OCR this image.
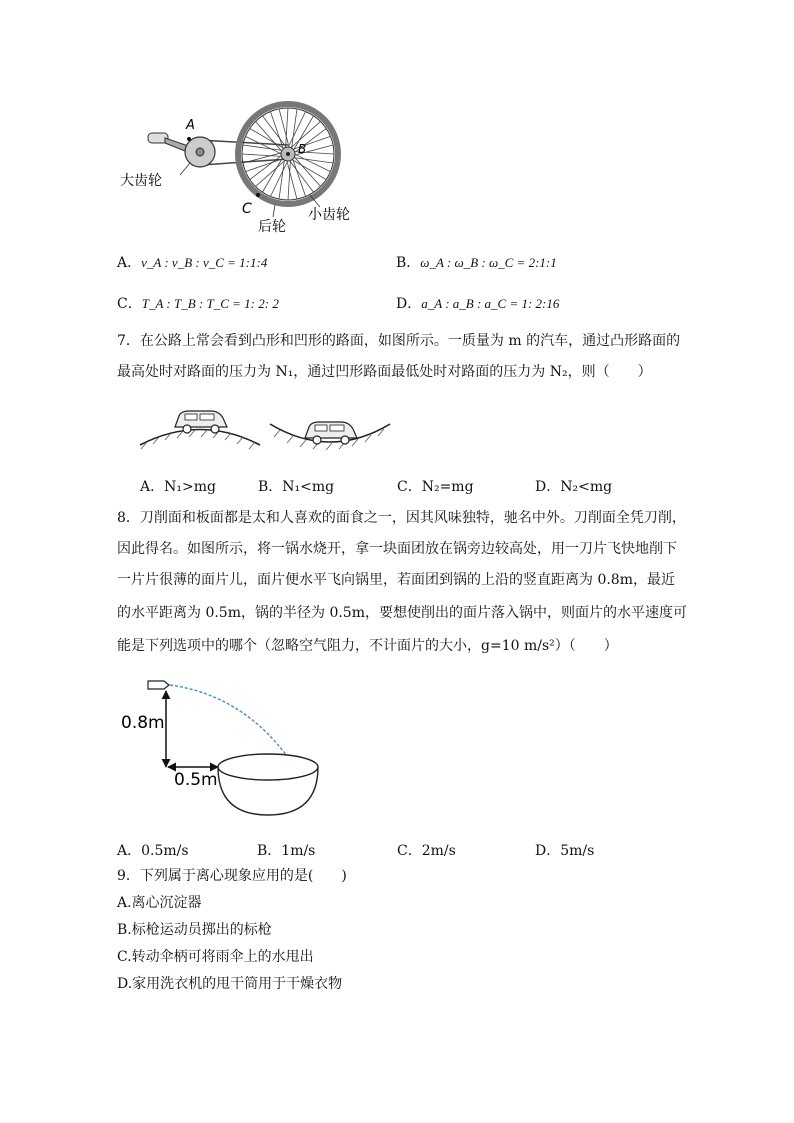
A
B
C
大齿轮
后轮
小齿轮
A．v_A : v_B : v_C = 1:1:4	B．ω_A : ω_B : ω_C = 2:1:1
C．T_A : T_B : T_C = 1: 2: 2	D．a_A : a_B : a_C = 1: 2:16
7．在公路上常会看到凸形和凹形的路面，如图所示。一质量为 m 的汽车，通过凸形路面的
最高处时对路面的压力为 N₁，通过凹形路面最低处时对路面的压力为 N₂，则（　　）
A．N₁>mg	B．N₁<mg	C．N₂=mg	D．N₂<mg
8．刀削面和板面都是太和人喜欢的面食之一，因其风味独特，驰名中外。刀削面全凭刀削，
因此得名。如图所示，将一锅水烧开，拿一块面团放在锅旁边较高处，用一刀片飞快地削下
一片片很薄的面片儿，面片便水平飞向锅里，若面团到锅的上沿的竖直距离为 0.8m，最近
的水平距离为 0.5m，锅的半径为 0.5m，要想使削出的面片落入锅中，则面片的水平速度可
能是下列选项中的哪个（忽略空气阻力，不计面片的大小，g=10 m/s²）（　　）
0.8m
0.5m
A．0.5m/s	B．1m/s	C．2m/s	D．5m/s
9．下列属于离心现象应用的是(　　)
A.离心沉淀器
B.标枪运动员掷出的标枪
C.转动伞柄可将雨伞上的水甩出
D.家用洗衣机的甩干筒用于干燥衣物
